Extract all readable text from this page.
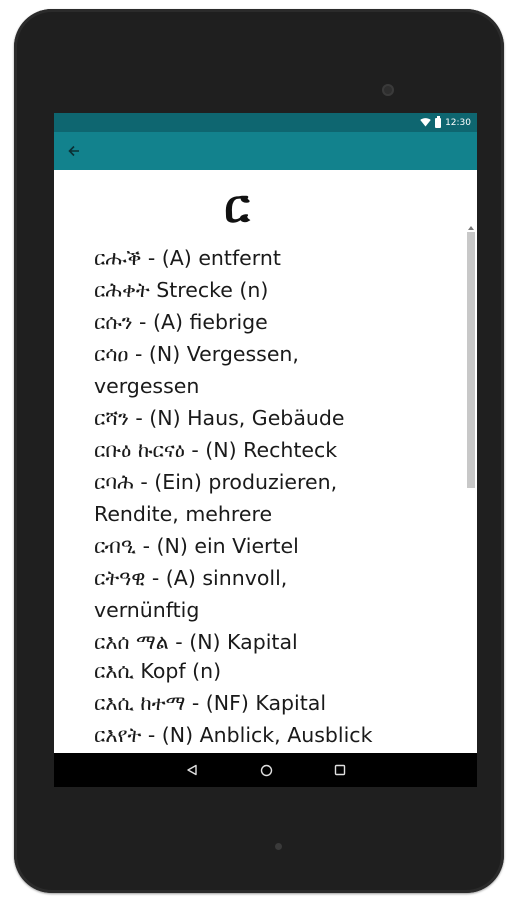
12:30
ር
ርሑቕ - (A) entfernt
ርሕቀት Strecke (n)
ርሱን - (A) fiebrige
ርሳዐ - (N) Vergessen,
vergessen
ርሻን - (N) Haus, Gebäude
ርቡዕ ኩርናዕ - (N) Rechteck
ርባሕ - (Ein) produzieren,
Rendite, mehrere
ርብዒ - (N) ein Viertel
ርትዓዊ - (A) sinnvoll,
vernünftig
ርእሰ ማል - (N) Kapital
ርእሲ Kopf (n)
ርእሲ ከተማ - (NF) Kapital
ርእየት - (N) Anblick, Ausblick
